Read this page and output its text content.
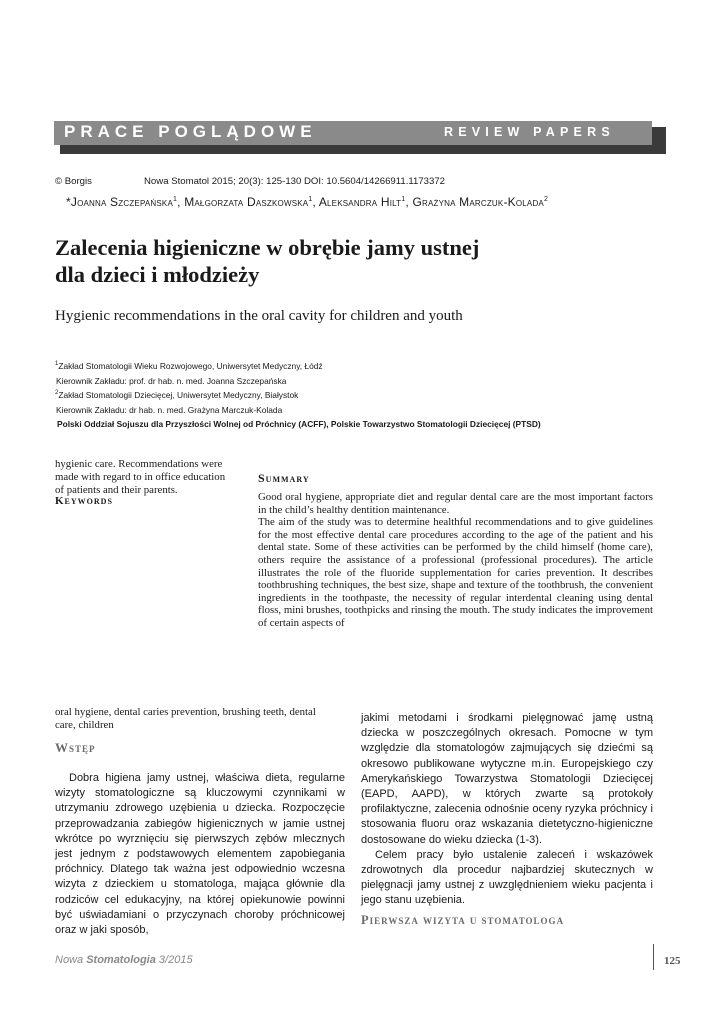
PRACE POGLĄDOWE	REVIEW PAPERS
© Borgis	Nowa Stomatol 2015; 20(3): 125-130 DOI: 10.5604/14266911.1173372
*Joanna Szczepańska$^1$, Małgorzata Daszkowska$^1$, Aleksandra Hilt$^1$, Grażyna Marczuk-Kolada$^2$
Zalecenia higieniczne w obrębie jamy ustnej
dla dzieci i młodzieży
Hygienic recommendations in the oral cavity for children and youth
$^1$Zakład Stomatologii Wieku Rozwojowego, Uniwersytet Medyczny, Łódź
Kierownik Zakładu: prof. dr hab. n. med. Joanna Szczepańska
$^2$Zakład Stomatologii Dziecięcej, Uniwersytet Medyczny, Białystok
Kierownik Zakładu: dr hab. n. med. Grażyna Marczuk-Kolada
Polski Oddział Sojuszu dla Przyszłości Wolnej od Próchnicy (ACFF), Polskie Towarzystwo Stomatologii Dziecięcej (PTSD)
hygienic care. Recommendations were
made with regard to in office education
of patients and their parents.
Keywords
Summary

Good oral hygiene, appropriate diet and regular dental care are the most important factors in the child’s healthy dentition maintenance.

The aim of the study was to determine healthful recommendations and to give guidelines for the most effective dental care procedures according to the age of the patient and his dental state. Some of these activities can be performed by the child himself (home care), others require the assistance of a professional (professional procedures). The article illustrates the role of the fluoride supplementation for caries prevention. It describes toothbrushing techniques, the best size, shape and texture of the toothbrush, the convenient ingredients in the toothpaste, the necessity of regular interdental cleaning using dental floss, mini brushes, toothpicks and rinsing the mouth. The study indicates the improvement of certain aspects of

oral hygiene, dental caries prevention, brushing teeth, dental care, children
Wstęp

Dobra higiena jamy ustnej, właściwa dieta, regularne wizyty stomatologiczne są kluczowymi czynnikami w utrzymaniu zdrowego uzębienia u dziecka. Rozpoczęcie przeprowadzania zabiegów higienicznych w jamie ustnej wkrótce po wyrznięciu się pierwszych zębów mlecznych jest jednym z podstawowych elementem zapobiegania próchnicy. Dlatego tak ważna jest odpowiednio wczesna wizyta z dzieckiem u stomatologa, mająca głównie dla rodziców cel edukacyjny, na której opiekunowie powinni być uświadamiani o przyczynach choroby próchnicowej oraz w jaki sposób,

jakimi metodami i środkami pielęgnować jamę ustną dziecka w poszczególnych okresach. Pomocne w tym względzie dla stomatologów zajmujących się dziećmi są okresowo publikowane wytyczne m.in. Europejskiego czy Amerykańskiego Towarzystwa Stomatologii Dziecięcej (EAPD, AAPD), w których zwarte są protokoły profilaktyczne, zalecenia odnośnie oceny ryzyka próchnicy i stosowania fluoru oraz wskazania dietetyczno-higieniczne dostosowane do wieku dziecka (1-3).

Celem pracy było ustalenie zaleceń i wskazówek zdrowotnych dla procedur najbardziej skutecznych w pielęgnacji jamy ustnej z uwzględnieniem wieku pacjenta i jego stanu uzębienia.

Pierwsza wizyta u stomatologa
Nowa Stomatologia 3/2015	125
